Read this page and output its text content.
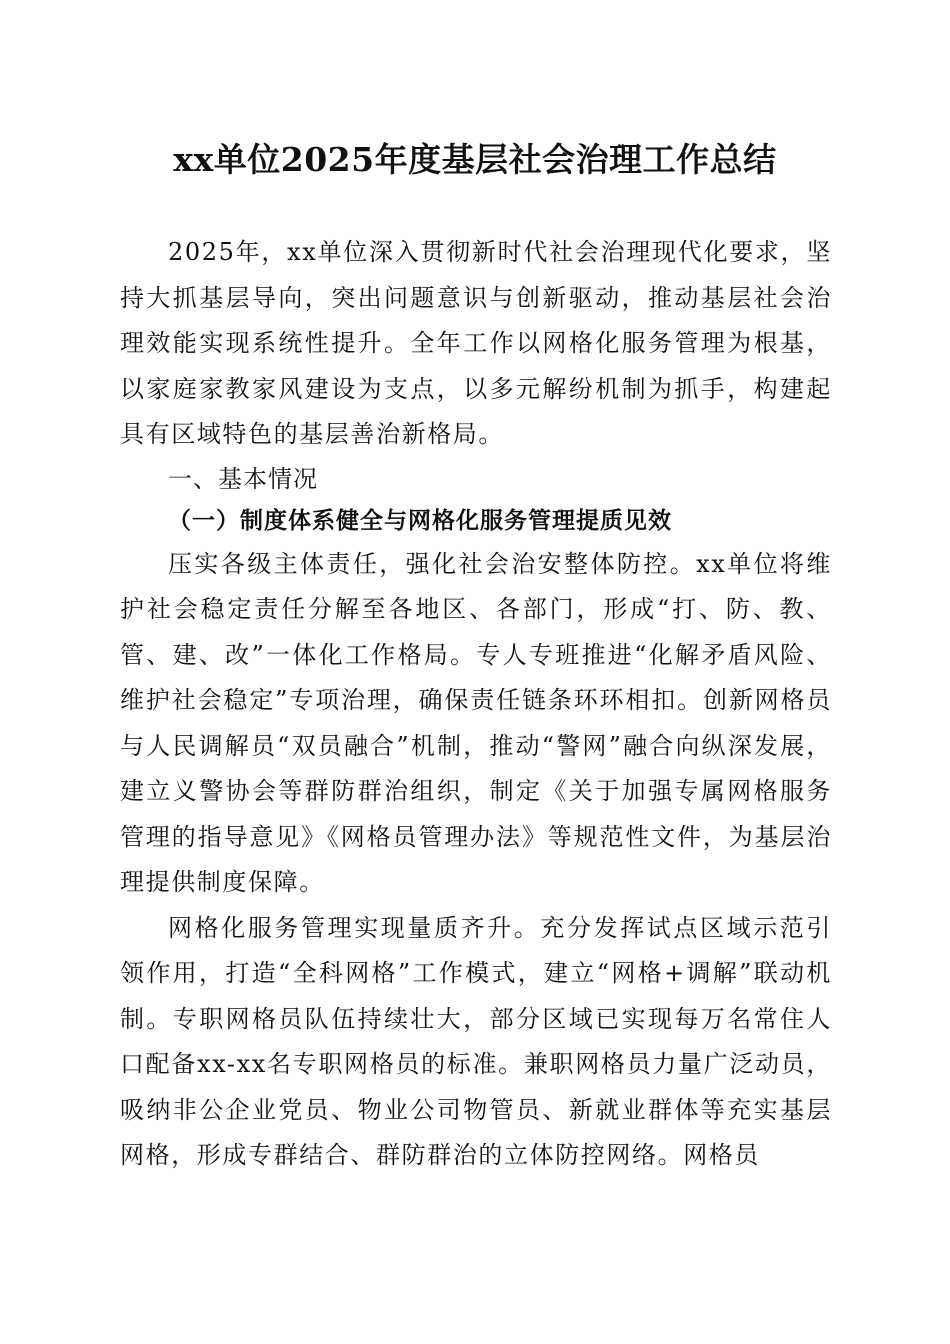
xx单位2025年度基层社会治理工作总结

2025年，xx单位深入贯彻新时代社会治理现代化要求，坚持大抓基层导向，突出问题意识与创新驱动，推动基层社会治理效能实现系统性提升。全年工作以网格化服务管理为根基，以家庭家教家风建设为支点，以多元解纷机制为抓手，构建起具有区域特色的基层善治新格局。

一、基本情况
（一）制度体系健全与网格化服务管理提质见效

压实各级主体责任，强化社会治安整体防控。xx单位将维护社会稳定责任分解至各地区、各部门，形成“打、防、教、管、建、改”一体化工作格局。专人专班推进“化解矛盾风险、维护社会稳定”专项治理，确保责任链条环环相扣。创新网格员与人民调解员“双员融合”机制，推动“警网”融合向纵深发展，建立义警协会等群防群治组织，制定《关于加强专属网格服务管理的指导意见》《网格员管理办法》等规范性文件，为基层治理提供制度保障。

网格化服务管理实现量质齐升。充分发挥试点区域示范引领作用，打造“全科网格”工作模式，建立“网格+调解”联动机制。专职网格员队伍持续壮大，部分区域已实现每万名常住人口配备xx-xx名专职网格员的标准。兼职网格员力量广泛动员，吸纳非公企业党员、物业公司物管员、新就业群体等充实基层网格，形成专群结合、群防群治的立体防控网络。网格员
